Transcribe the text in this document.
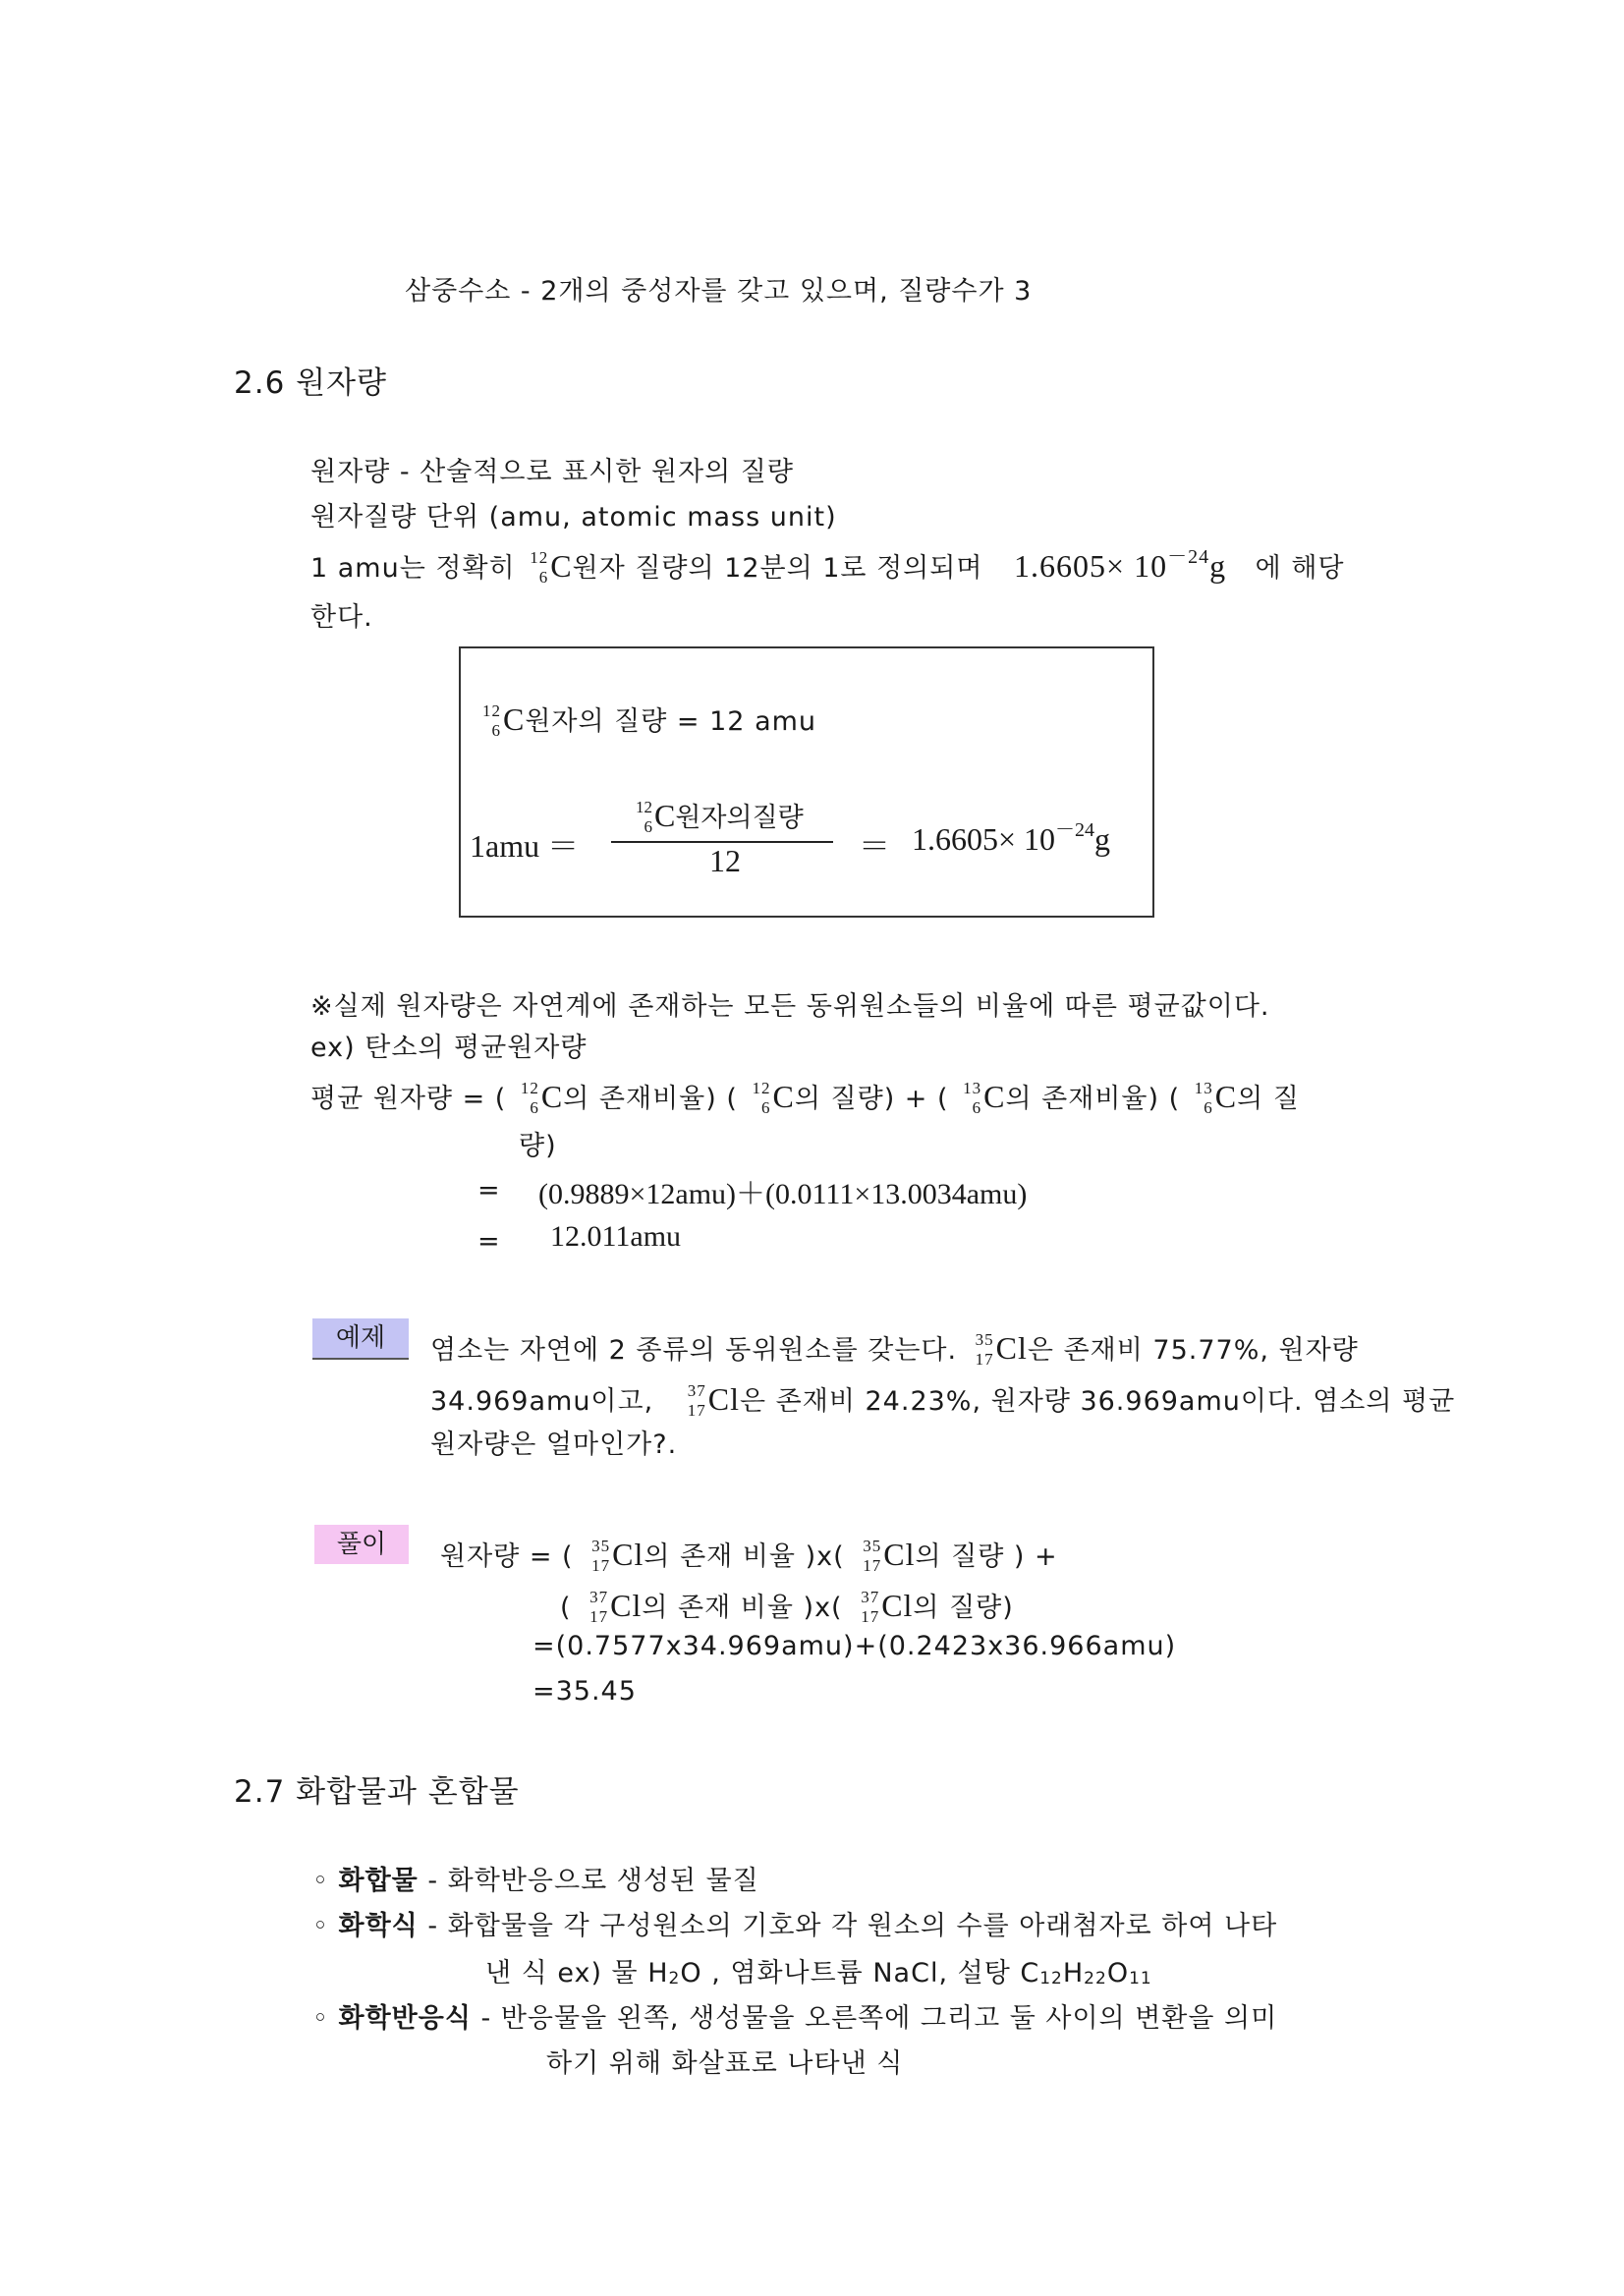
삼중수소 - 2개의 중성자를 갖고 있으며, 질량수가 3
2.6 원자량
원자량 - 산술적으로 표시한 원자의 질량
원자질량 단위 (amu, atomic mass unit)
1 amu는 정확히 12
6 C원자 질량의 12분의 1로 정의되며 $1.6605\times 10^{-24}g$ 에 해당
한다.
12
6 C원자의 질량 = 12 amu
1amu ＝
12
6 C원자의질량
12	＝ 1.6605× 10－24g
※실제 원자량은 자연계에 존재하는 모든 동위원소들의 비율에 따른 평균값이다.
ex) 탄소의 평균원자량
평균 원자량 = ( 12
6 C의 존재비율) ( 12
6 C의 질량) + ( 13
6 C의 존재비율) ( 13
6 C의 질
량)
= (0.9889×12amu)＋(0.0111×13.0034amu)
= 12.011amu
예제	염소는 자연에 2 종류의 동위원소를 갖는다. 35
17 Cl은 존재비 75.77%, 원자량
34.969amu이고, 37
17 Cl은 존재비 24.23%, 원자량 36.969amu이다. 염소의 평균
원자량은 얼마인가?.
풀이	원자량 = ( 35
17 Cl의 존재 비율 )x( 35
17 Cl의 질량 ) +
( 37
17 Cl의 존재 비율 )x( 37
17 Cl의 질량)
=(0.7577x34.969amu)+(0.2423x36.966amu)
=35.45
2.7 화합물과 혼합물
◦ 화합물 - 화학반응으로 생성된 물질
◦ 화학식 - 화합물을 각 구성원소의 기호와 각 원소의 수를 아래첨자로 하여 나타
낸 식 ex) 물 H2O , 염화나트륨 NaCl, 설탕 C12H22O11
◦ 화학반응식 - 반응물을 왼쪽, 생성물을 오른쪽에 그리고 둘 사이의 변환을 의미
하기 위해 화살표로 나타낸 식
